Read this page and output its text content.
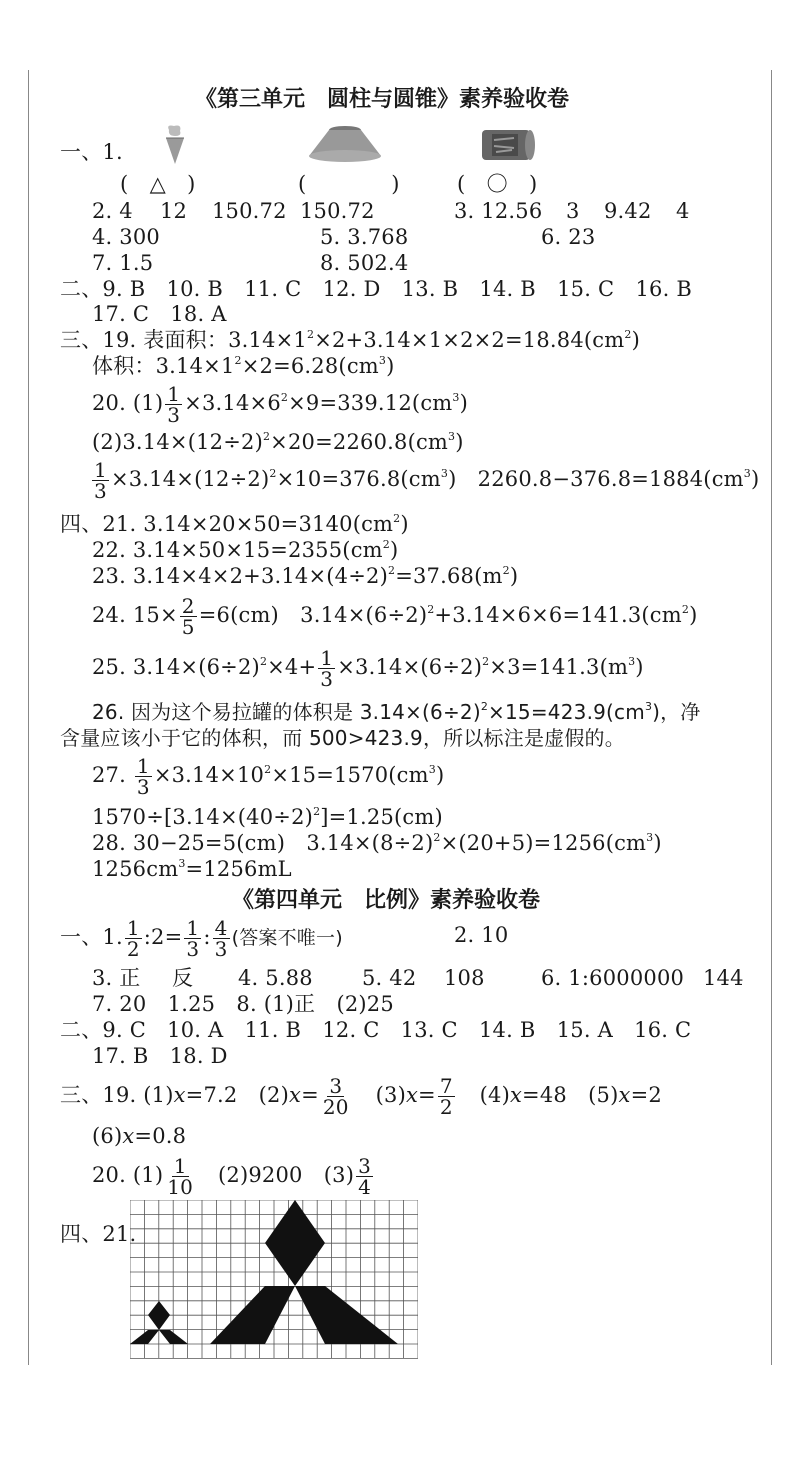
《第三单元　圆柱与圆锥》素养验收卷
一、1.
(　△　)	(　　　　)	(　〇　)
2. 4 12 150.72 150.72	3. 12.56 3 9.42 4
4. 300	5. 3.768	6. 23
7. 1.5	8. 502.4
二、9. B　10. B　11. C　12. D　13. B　14. B　15. C　16. B
17. C　18. A
三、19. 表面积：$3.14\times 1^2\times 2+3.14\times 1\times 2\times 2=18.84(cm^2)$
体积：$3.14\times 1^2\times 2=6.28(cm^3)$
20. $(1) \frac{1}{3} \times 3.14\times 6^2\times 9=339.12(cm^3)$
$(2)3.14\times(12\div 2)^2\times 20=2260.8(cm^3)$
$\frac{1}{3} \times 3.14\times(12\div 2)^2\times 10=376.8(cm^3)$　$2260.8-376.8=1884(cm^3)$
四、21. $3.14\times 20\times 50=3140(cm^2)$
22. $3.14\times 50\times 15=2355(cm^2)$
23. $3.14\times 4\times 2+3.14\times(4\div 2)^2=37.68(m^2)$
24. $15\times \frac{2}{5} =6(cm)$　$3.14\times(6\div 2)^2+3.14\times 6\times 6=141.3(cm^2)$
25. $3.14\times(6\div 2)^2\times 4+ \frac{1}{3} \times 3.14\times(6\div 2)^2\times 3=141.3(m^3)$
26. 因为这个易拉罐的体积是 $3.14\times(6\div 2)^2\times 15=423.9(cm^3)$，净
含量应该小于它的体积，而 500>423.9，所以标注是虚假的。
27. $\frac{1}{3} \times 3.14\times 10^2\times 15=1570(cm^3)$
$1570\div[3.14\times(40\div 2)^2]=1.25(cm)$
28. 30−25=5(cm)　$3.14\times(8\div 2)^2\times(20+5)=1256(cm^3)$
$1256cm^3=1256mL$
《第四单元　比例》素养验收卷
一、1. $\frac{1}{2}$ :2= $\frac{1}{3}$ : $\frac{4}{3}$ (答案不唯一)	2. 10
3. 正 反 4. 5.88 5. 42 108	6. 1:6000000 144
7. 20　1.25　8. (1)正　(2)25
二、9. C　10. A　11. B　12. C　13. C　14. B　15. A　16. C
17. B　18. D
三、19. (1)x=7.2　$(2)x= \frac{3}{20} (3)x= \frac{7}{2} (4)x=48$　(5)x=2
(6)x=0.8
20. $(1) \frac{1}{10} (2)9200$　$(3) \frac{3}{4}$
四、21.
